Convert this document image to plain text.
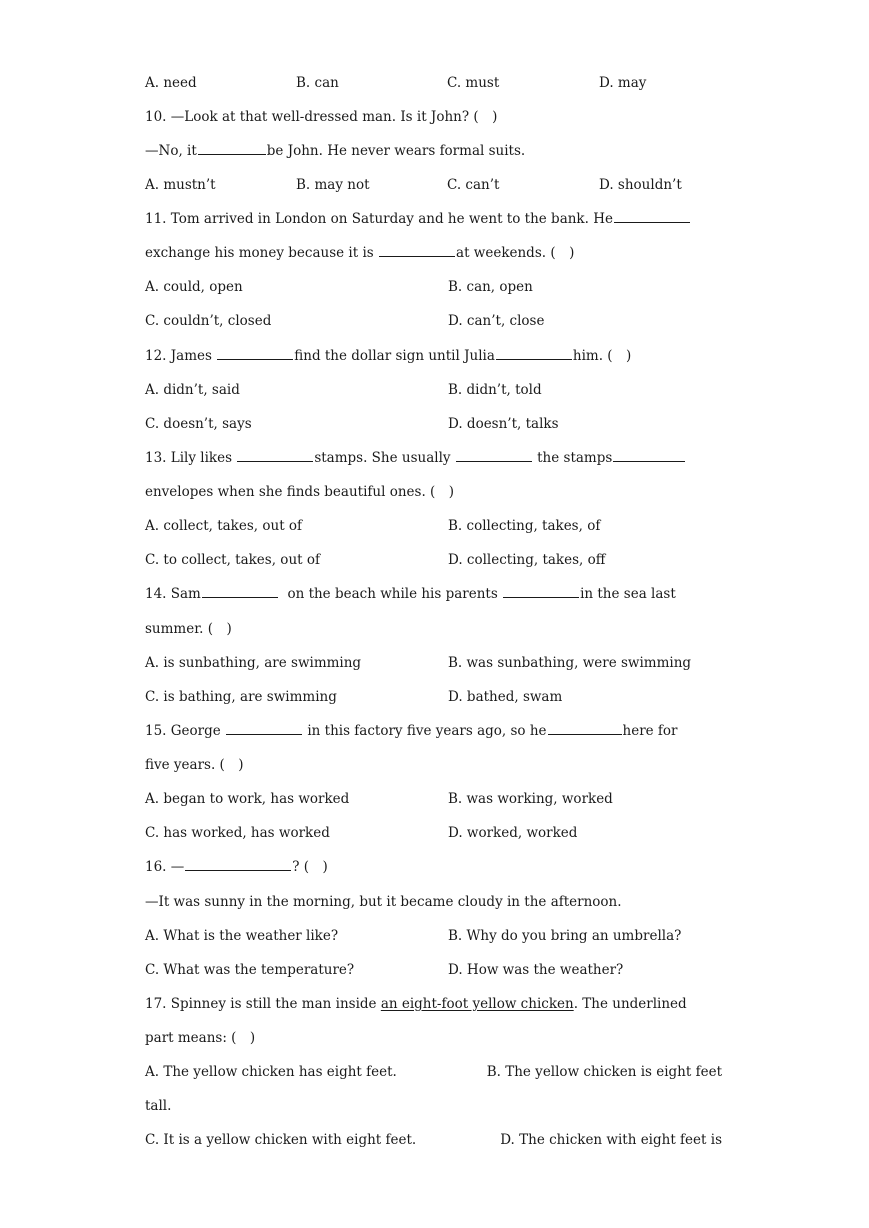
A. need	B. can	C. must	D. may
10. —Look at that well-dressed man. Is it John? (　)
—No, it	be John. He never wears formal suits.
A. mustn’t	B. may not	C. can’t	D. shouldn’t
11. Tom arrived in London on Saturday and he went to the bank. He
exchange his money because it is	at weekends. (　)
A. could, open	B. can, open
C. couldn’t, closed	D. can’t, close
12. James	find the dollar sign until Julia	him. (　)
A. didn’t, said	B. didn’t, told
C. doesn’t, says	D. doesn’t, talks
13. Lily likes	stamps. She usually	the stamps
envelopes when she finds beautiful ones. (　)
A. collect, takes, out of	B. collecting, takes, of
C. to collect, takes, out of	D. collecting, takes, off
14. Sam	on the beach while his parents	in the sea last
summer. (　)
A. is sunbathing, are swimming	B. was sunbathing, were swimming
C. is bathing, are swimming	D. bathed, swam
15. George	in this factory five years ago, so he	here for
five years. (　)
A. began to work, has worked	B. was working, worked
C. has worked, has worked	D. worked, worked
16. —	? (　)
—It was sunny in the morning, but it became cloudy in the afternoon.
A. What is the weather like?	B. Why do you bring an umbrella?
C. What was the temperature?	D. How was the weather?
17. Spinney is still the man inside an eight-foot yellow chicken. The underlined
part means: (　)
A. The yellow chicken has eight feet.	B. The yellow chicken is eight feet
tall.
C. It is a yellow chicken with eight feet.	D. The chicken with eight feet is
